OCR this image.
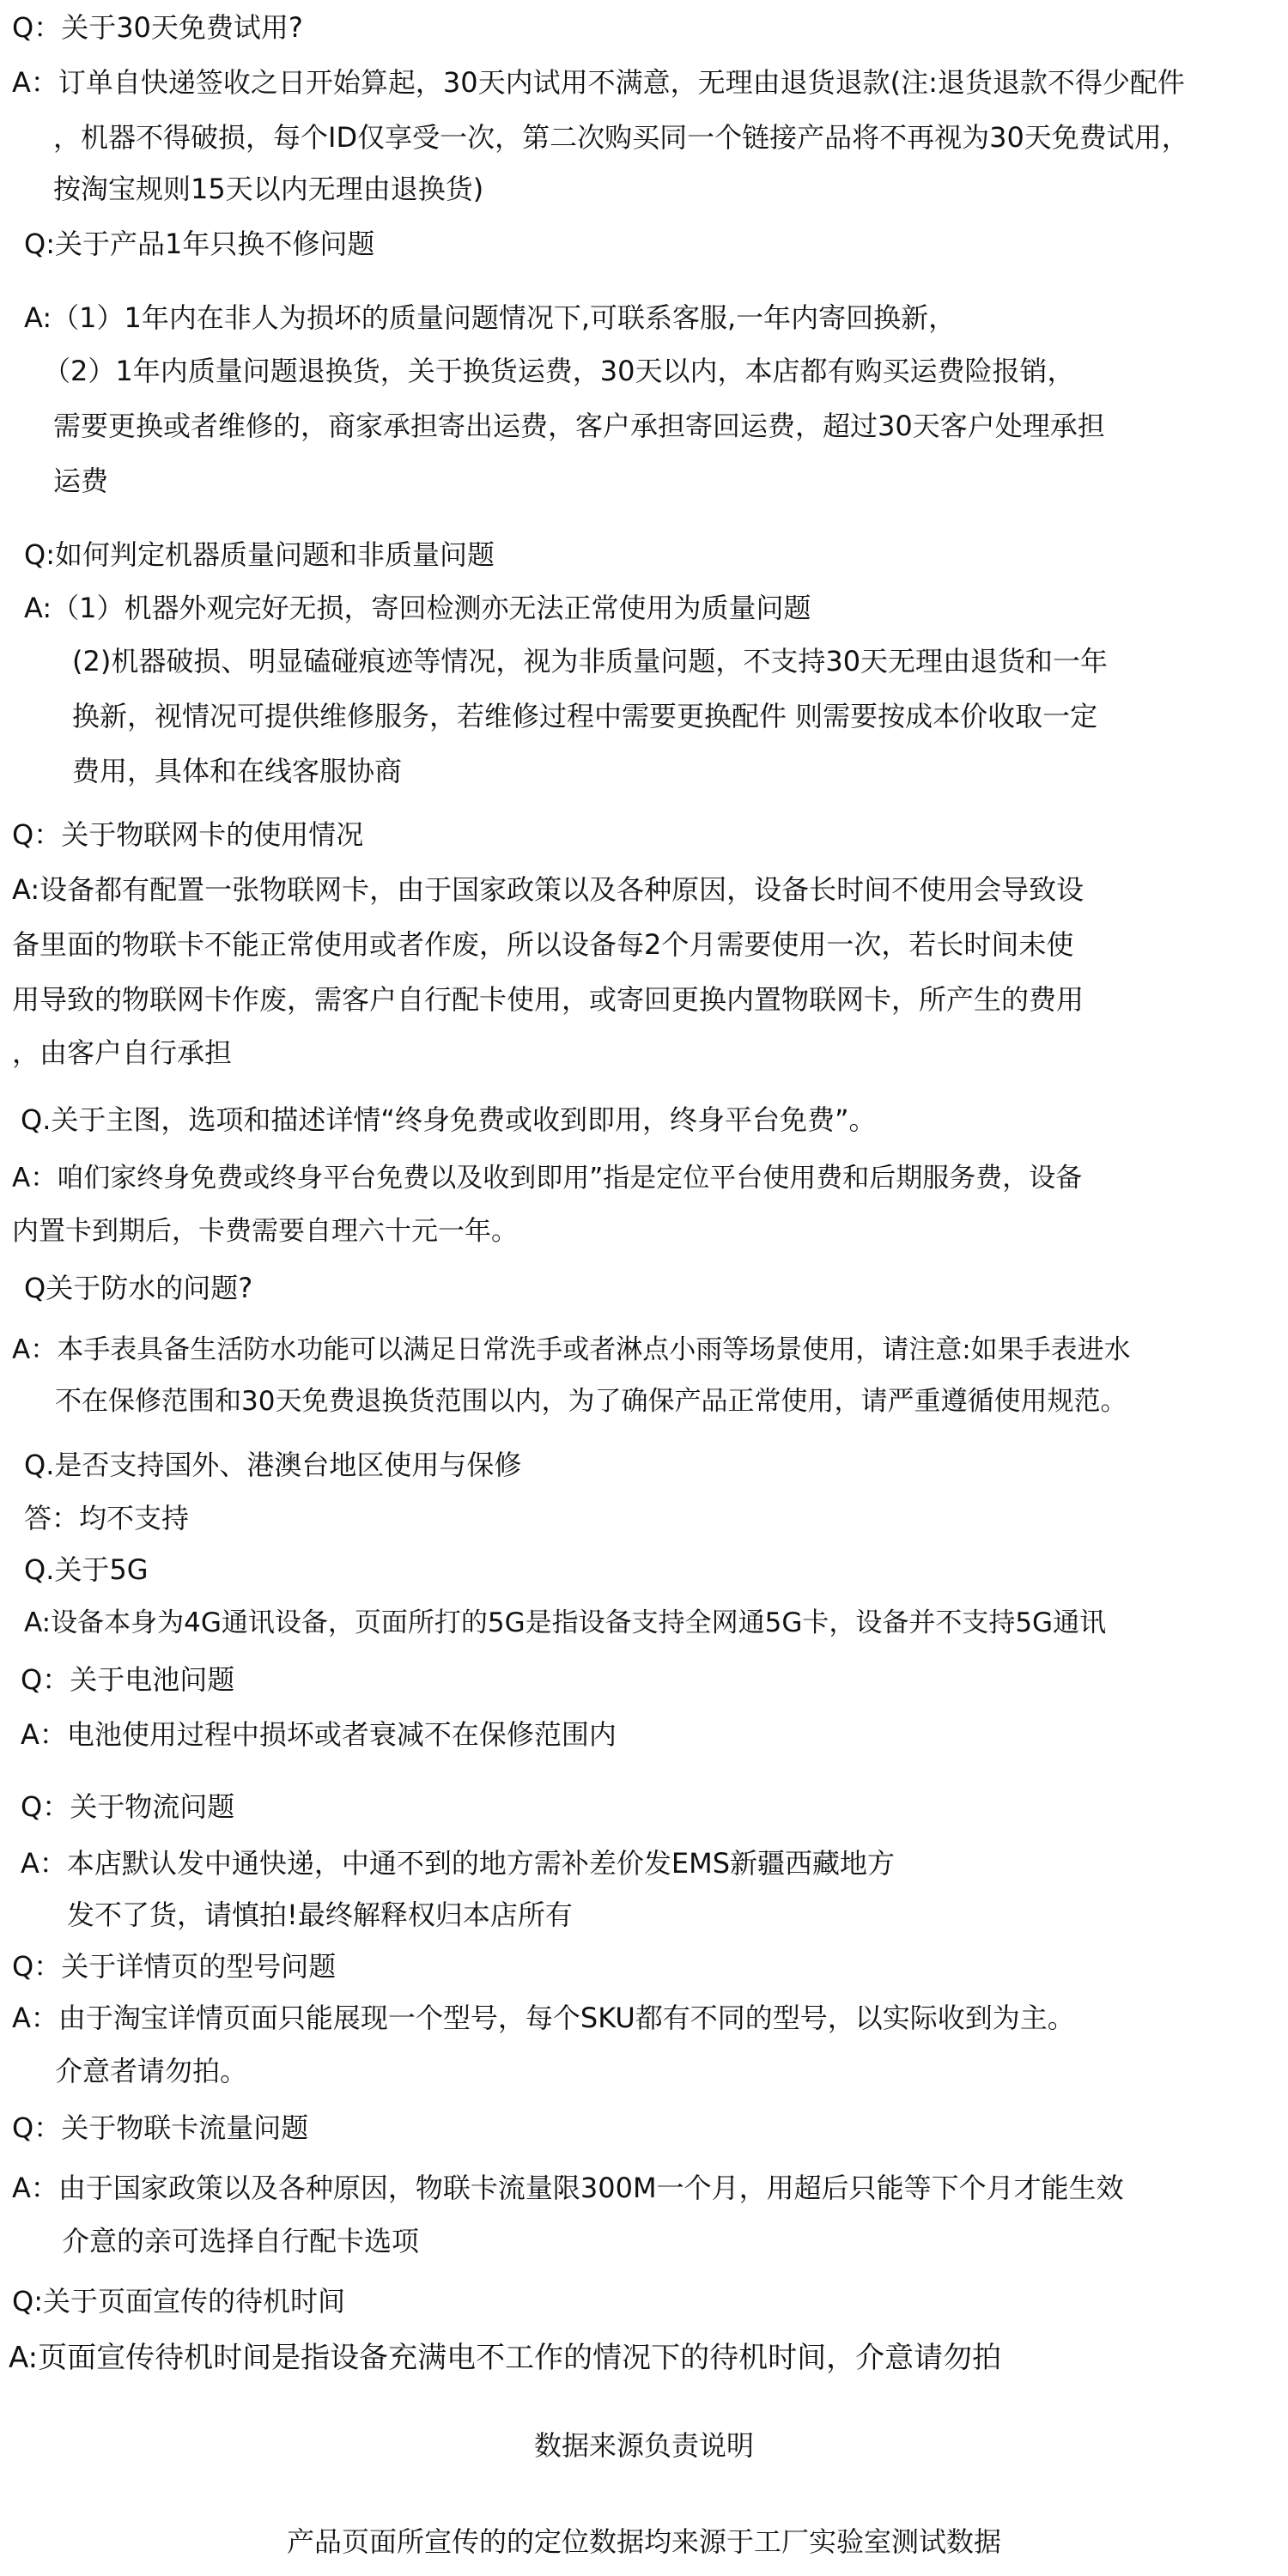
Q：关于30天免费试用?
A：订单自快递签收之日开始算起，30天内试用不满意，无理由退货退款(注:退货退款不得少配件
，机器不得破损，每个ID仅享受一次，第二次购买同一个链接产品将不再视为30天免费试用，
按淘宝规则15天以内无理由退换货)
Q:关于产品1年只换不修问题
A:（1）1年内在非人为损坏的质量问题情况下,可联系客服,一年内寄回换新，
（2）1年内质量问题退换货，关于换货运费，30天以内，本店都有购买运费险报销，
需要更换或者维修的，商家承担寄出运费，客户承担寄回运费，超过30天客户处理承担
运费
Q:如何判定机器质量问题和非质量问题
A:（1）机器外观完好无损，寄回检测亦无法正常使用为质量问题
(2)机器破损、明显磕碰痕迹等情况，视为非质量问题，不支持30天无理由退货和一年
换新，视情况可提供维修服务，若维修过程中需要更换配件 则需要按成本价收取一定
费用，具体和在线客服协商
Q：关于物联网卡的使用情况
A:设备都有配置一张物联网卡，由于国家政策以及各种原因，设备长时间不使用会导致设
备里面的物联卡不能正常使用或者作废，所以设备每2个月需要使用一次，若长时间未使
用导致的物联网卡作废，需客户自行配卡使用，或寄回更换内置物联网卡，所产生的费用
，由客户自行承担
Q.关于主图，选项和描述详情“终身免费或收到即用，终身平台免费”。
A：咱们家终身免费或终身平台免费以及收到即用”指是定位平台使用费和后期服务费，设备
内置卡到期后，卡费需要自理六十元一年。
Q关于防水的问题?
A：本手表具备生活防水功能可以满足日常洗手或者淋点小雨等场景使用，请注意:如果手表进水
不在保修范围和30天免费退换货范围以内，为了确保产品正常使用，请严重遵循使用规范。
Q.是否支持国外、港澳台地区使用与保修
答：均不支持
Q.关于5G
A:设备本身为4G通讯设备，页面所打的5G是指设备支持全网通5G卡，设备并不支持5G通讯
Q：关于电池问题
A：电池使用过程中损坏或者衰减不在保修范围内
Q：关于物流问题
A：本店默认发中通快递，中通不到的地方需补差价发EMS新疆西藏地方
发不了货，请慎拍!最终解释权归本店所有
Q：关于详情页的型号问题
A：由于淘宝详情页面只能展现一个型号，每个SKU都有不同的型号，以实际收到为主。
介意者请勿拍。
Q：关于物联卡流量问题
A：由于国家政策以及各种原因，物联卡流量限300M一个月，用超后只能等下个月才能生效
介意的亲可选择自行配卡选项
Q:关于页面宣传的待机时间
A:页面宣传待机时间是指设备充满电不工作的情况下的待机时间，介意请勿拍
数据来源负责说明
产品页面所宣传的的定位数据均来源于工厂实验室测试数据
